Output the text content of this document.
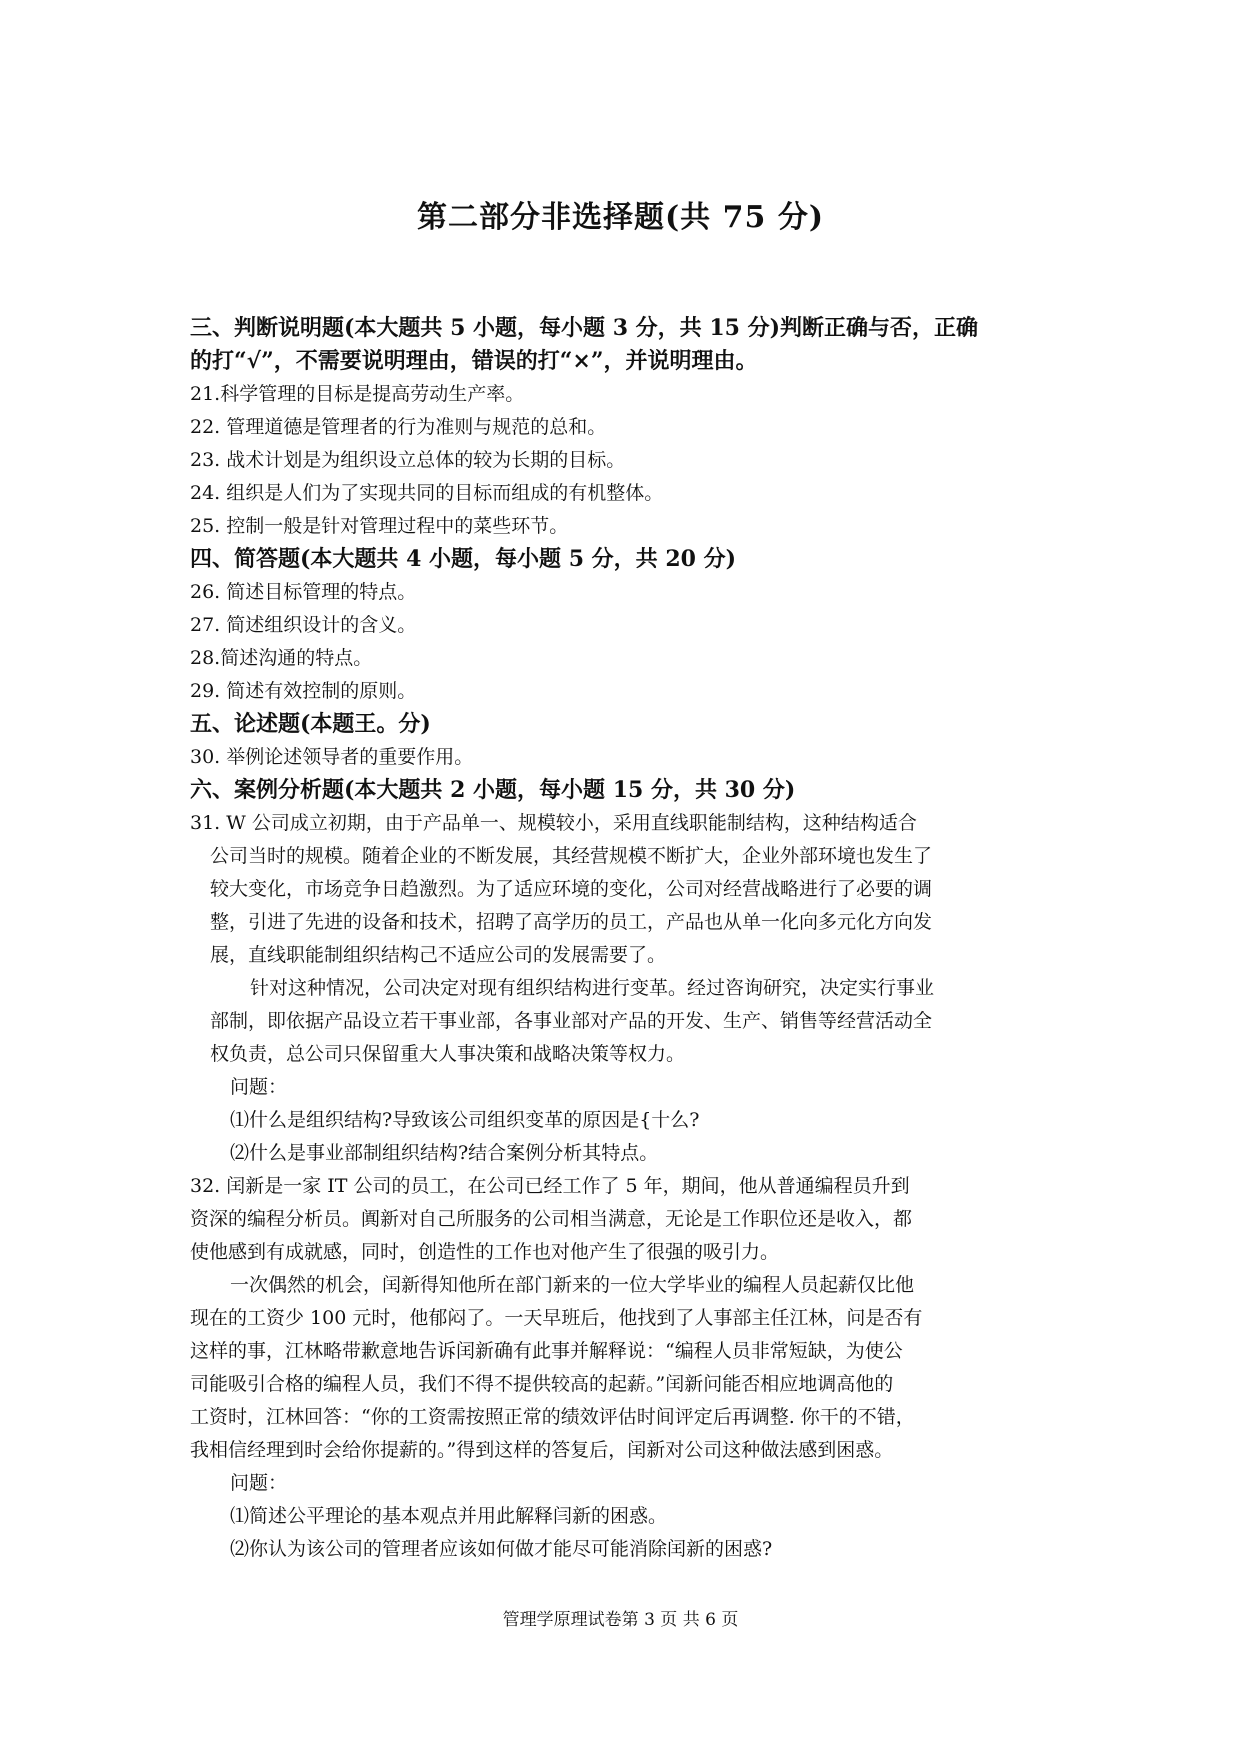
第二部分非选择题(共 75 分)
三、判断说明题(本大题共 5 小题，每小题 3 分，共 15 分)判断正确与否，正确
的打“√”，不需要说明理由，错误的打“×”，并说明理由。
21.科学管理的目标是提高劳动生产率。
22. 管理道德是管理者的行为准则与规范的总和。
23. 战术计划是为组织设立总体的较为长期的目标。
24. 组织是人们为了实现共同的目标而组成的有机整体。
25. 控制一般是针对管理过程中的菜些环节。
四、简答题(本大题共 4 小题，每小题 5 分，共 20 分)
26. 简述目标管理的特点。
27. 简述组织设计的含义。
28.简述沟通的特点。
29. 简述有效控制的原则。
五、论述题(本题王。分)
30. 举例论述领导者的重要作用。
六、案例分析题(本大题共 2 小题，每小题 15 分，共 30 分)
31. W 公司成立初期，由于产品单一、规模较小，采用直线职能制结构，这种结构适合
公司当时的规模。随着企业的不断发展，其经营规模不断扩大，企业外部环境也发生了
较大变化，市场竞争日趋激烈。为了适应环境的变化，公司对经营战略进行了必要的调
整，引进了先进的设备和技术，招聘了高学历的员工，产品也从单一化向多元化方向发
展，直线职能制组织结构己不适应公司的发展需要了。
针对这种情况，公司决定对现有组织结构进行变革。经过咨询研究，决定实行事业
部制，即依据产品设立若干事业部，各事业部对产品的开发、生产、销售等经营活动全
权负责，总公司只保留重大人事决策和战略决策等权力。
问题：
⑴什么是组织结构?导致该公司组织变革的原因是{十么?
⑵什么是事业部制组织结构?结合案例分析其特点。
32. 闰新是一家 IT 公司的员工，在公司已经工作了 5 年，期间，他从普通编程员升到
资深的编程分析员。阗新对自己所服务的公司相当满意，无论是工作职位还是收入，都
使他感到有成就感，同时，创造性的工作也对他产生了很强的吸引力。
一次偶然的机会，闰新得知他所在部门新来的一位大学毕业的编程人员起薪仅比他
现在的工资少 100 元时，他郁闷了。一天早班后，他找到了人事部主任江林，问是否有
这样的事，江林略带歉意地告诉闰新确有此事并解释说：“编程人员非常短缺，为使公
司能吸引合格的编程人员，我们不得不提供较高的起薪。”闰新问能否相应地调高他的
工资时，江林回答：“你的工资需按照正常的绩效评估时间评定后再调整. 你干的不错，
我相信经理到时会给你提薪的。”得到这样的答复后，闰新对公司这种做法感到困惑。
问题：
⑴简述公平理论的基本观点并用此解释闫新的困惑。
⑵你认为该公司的管理者应该如何做才能尽可能消除闰新的困惑?
管理学原理试卷第 3 页 共 6 页
